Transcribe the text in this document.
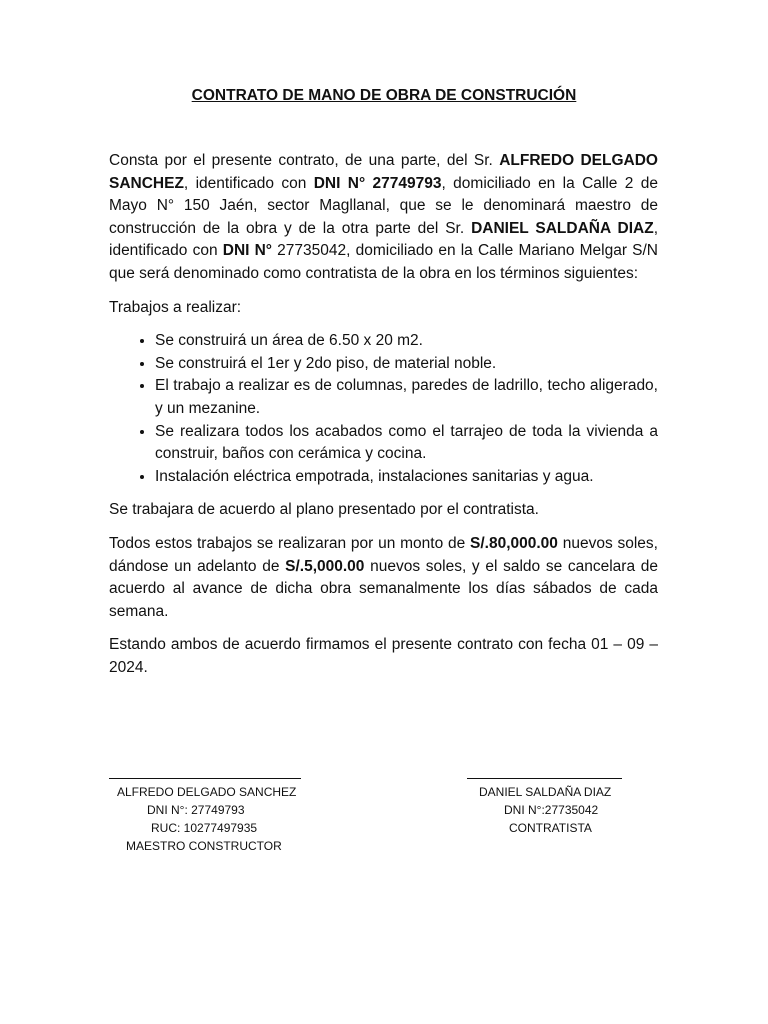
CONTRATO DE MANO DE OBRA DE CONSTRUCIÓN

Consta por el presente contrato, de una parte, del Sr. ALFREDO DELGADO SANCHEZ, identificado con DNI N° 27749793, domiciliado en la Calle 2 de Mayo N° 150 Jaén, sector Magllanal, que se le denominará maestro de construcción de la obra y de la otra parte del Sr. DANIEL SALDAÑA DIAZ, identificado con DNI N° 27735042, domiciliado en la Calle Mariano Melgar S/N que será denominado como contratista de la obra en los términos siguientes:

Trabajos a realizar:

• Se construirá un área de 6.50 x 20 m2.
• Se construirá el 1er y 2do piso, de material noble.
• El trabajo a realizar es de columnas, paredes de ladrillo, techo aligerado, y un mezanine.
• Se realizara todos los acabados como el tarrajeo de toda la vivienda a construir, baños con cerámica y cocina.
• Instalación eléctrica empotrada, instalaciones sanitarias y agua.

Se trabajara de acuerdo al plano presentado por el contratista.

Todos estos trabajos se realizaran por un monto de S/.80,000.00 nuevos soles, dándose un adelanto de S/.5,000.00 nuevos soles, y el saldo se cancelara de acuerdo al avance de dicha obra semanalmente los días sábados de cada semana.

Estando ambos de acuerdo firmamos el presente contrato con fecha 01 – 09 – 2024.

ALFREDO DELGADO SANCHEZ
DNI N°: 27749793
RUC: 10277497935
MAESTRO CONSTRUCTOR
DANIEL SALDAÑA DIAZ
DNI N°:27735042
CONTRATISTA
